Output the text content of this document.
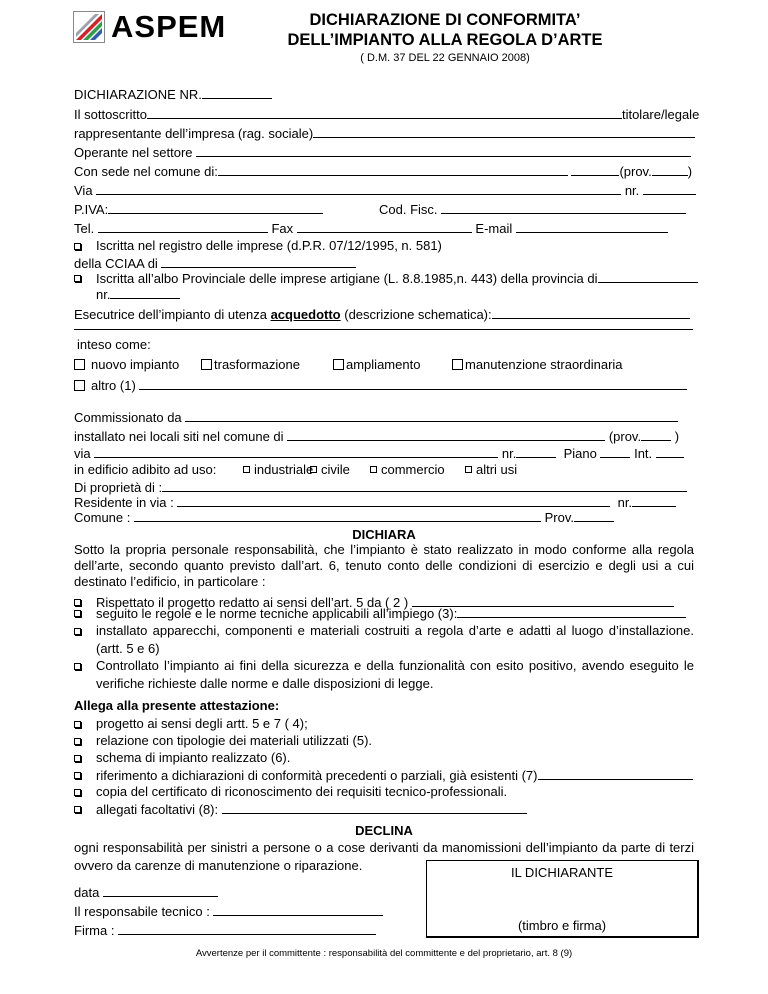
ASPEM	DICHIARAZIONE DI CONFORMITA’
DELL’IMPIANTO ALLA REGOLA D’ARTE
( D.M. 37 DEL 22 GENNAIO 2008)
DICHIARAZIONE NR.
Il sottoscritto	titolare/legale
rappresentante dell’impresa (rag. sociale)
Operante nel settore
Con sede nel comune di:	(prov.	)
Via	nr.
P.IVA:	Cod. Fisc.
Tel.	Fax	E-mail
Iscritta nel registro delle imprese (d.P.R. 07/12/1995, n. 581)
della CCIAA di
Iscritta all’albo Provinciale delle imprese artigiane (L. 8.8.1985,n. 443) della provincia di
nr.
Esecutrice dell’impianto di utenza acquedotto (descrizione schematica):
inteso come:
nuovo impianto	trasformazione	ampliamento	manutenzione straordinaria
altro (1)
Commissionato da
installato nei locali siti nel comune di	(prov.	)
via	nr.	Piano	Int.
in edificio adibito ad uso:	industriale civile	commercio	altri usi
Di proprietà di :
Residente in via :	nr.
Comune :	Prov.
DICHIARA
Sotto la propria personale responsabilità, che l’impianto è stato realizzato in modo conforme alla regola dell’arte, secondo quanto previsto dall’art. 6, tenuto conto delle condizioni di esercizio e degli usi a cui destinato l’edificio, in particolare :
Rispettato il progetto redatto ai sensi dell’art. 5 da ( 2 )
seguito le regole e le norme tecniche applicabili all’impiego (3):
installato apparecchi, componenti e materiali costruiti a regola d’arte e adatti al luogo d’installazione. (artt. 5 e 6)
Controllato l’impianto ai fini della sicurezza e della funzionalità con esito positivo, avendo eseguito le verifiche richieste dalle norme e dalle disposizioni di legge.
Allega alla presente attestazione:
progetto ai sensi degli artt. 5 e 7 ( 4);
relazione con tipologie dei materiali utilizzati (5).
schema di impianto realizzato (6).
riferimento a dichiarazioni di conformità precedenti o parziali, già esistenti (7)
copia del certificato di riconoscimento dei requisiti tecnico-professionali.
allegati facoltativi (8):
DECLINA
ogni responsabilità per sinistri a persone o a cose derivanti da manomissioni dell’impianto da parte di terzi ovvero da carenze di manutenzione o riparazione.	IL DICHIARANTE
(timbro e firma)
data
Il responsabile tecnico :
Firma :
Avvertenze per il committente : responsabilità del committente e del proprietario, art. 8 (9)
